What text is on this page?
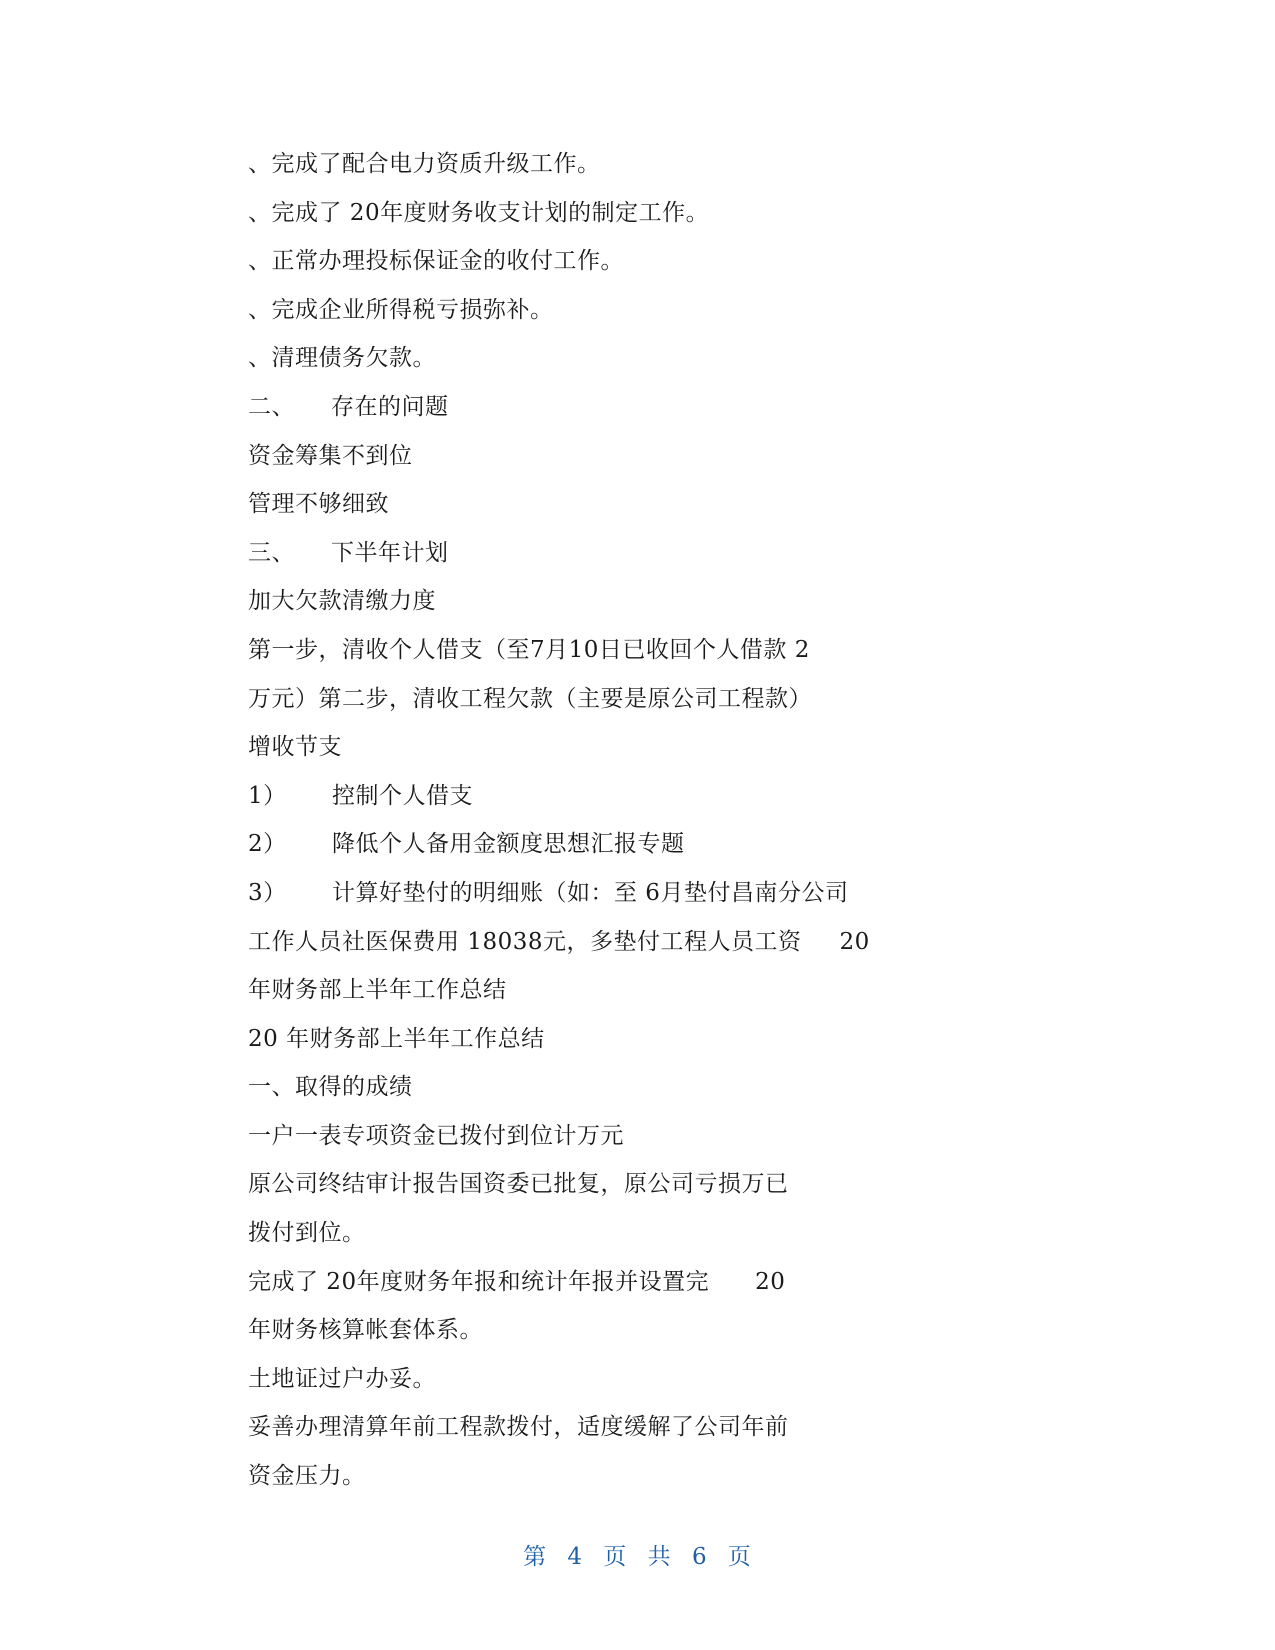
、完成了配合电力资质升级工作。
、完成了 20年度财务收支计划的制定工作。
、正常办理投标保证金的收付工作。
、完成企业所得税亏损弥补。
、清理债务欠款。
二、 存在的问题
资金筹集不到位
管理不够细致
三、 下半年计划
加大欠款清缴力度
第一步，清收个人借支（至7月10日已收回个人借款 2
万元）第二步，清收工程欠款（主要是原公司工程款）
增收节支
1） 控制个人借支
2） 降低个人备用金额度思想汇报专题
3） 计算好垫付的明细账（如：至 6月垫付昌南分公司
工作人员社医保费用 18038元，多垫付工程人员工资 20
年财务部上半年工作总结
20 年财务部上半年工作总结
一、取得的成绩
一户一表专项资金已拨付到位计万元
原公司终结审计报告国资委已批复，原公司亏损万已
拨付到位。
完成了 20年度财务年报和统计年报并设置完 20
年财务核算帐套体系。
土地证过户办妥。
妥善办理清算年前工程款拨付，适度缓解了公司年前
资金压力。
第 4 页 共 6 页
